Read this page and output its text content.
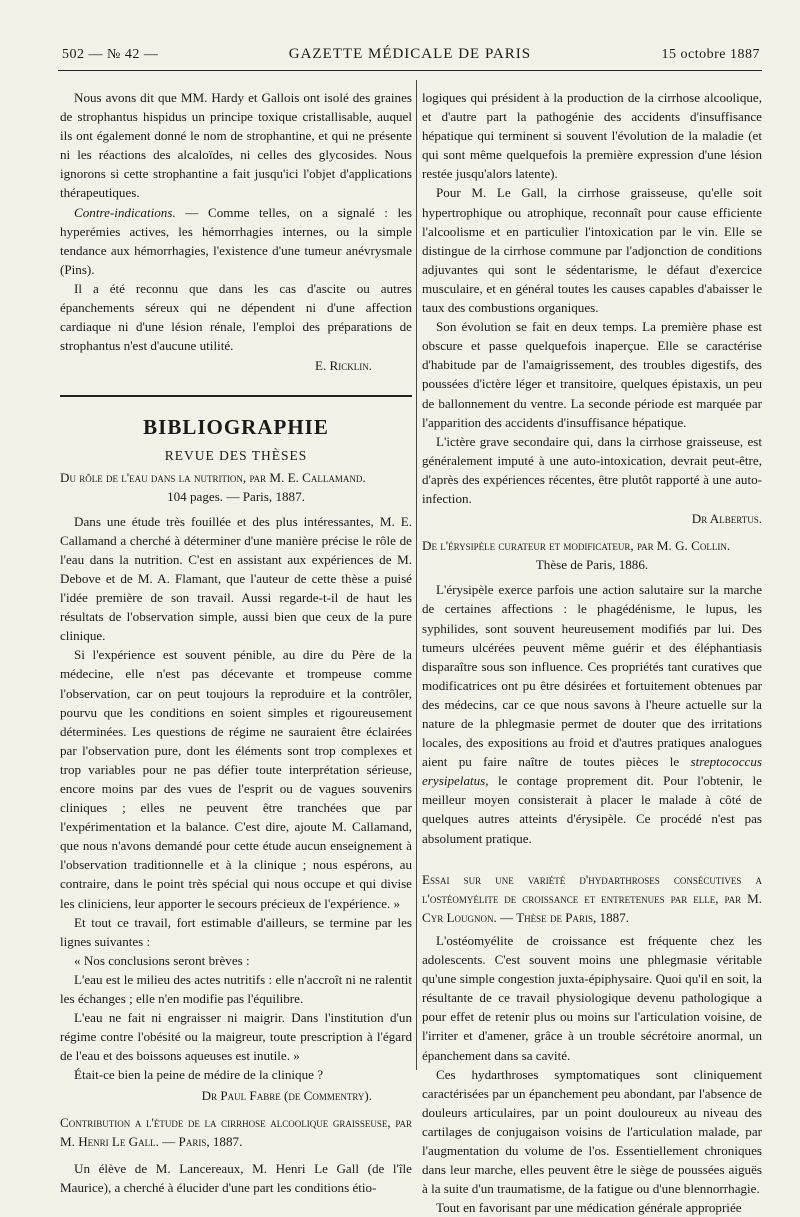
502 — № 42 —	GAZETTE MÉDICALE DE PARIS	15 octobre 1887

Nous avons dit que MM. Hardy et Gallois ont isolé des graines de strophantus hispidus un principe toxique cristallisable, auquel ils ont également donné le nom de strophantine, et qui ne présente ni les réactions des alcaloïdes, ni celles des glycosides. Nous ignorons si cette strophantine a fait jusqu'ici l'objet d'applications thérapeutiques.

Contre-indications. — Comme telles, on a signalé : les hyperémies actives, les hémorrhagies internes, ou la simple tendance aux hémorrhagies, l'existence d'une tumeur anévrysmale (Pins).

Il a été reconnu que dans les cas d'ascite ou autres épanchements séreux qui ne dépendent ni d'une affection cardiaque ni d'une lésion rénale, l'emploi des préparations de strophantus n'est d'aucune utilité.

E. Ricklin.
BIBLIOGRAPHIE
REVUE DES THÈSES

Du rôle de l'eau dans la nutrition, par M. E. Callamand.

104 pages. — Paris, 1887.

Dans une étude très fouillée et des plus intéressantes, M. E. Callamand a cherché à déterminer d'une manière précise le rôle de l'eau dans la nutrition. C'est en assistant aux expériences de M. Debove et de M. A. Flamant, que l'auteur de cette thèse a puisé l'idée première de son travail. Aussi regarde-t-il de haut les résultats de l'observation simple, aussi bien que ceux de la pure clinique.

Si l'expérience est souvent pénible, au dire du Père de la médecine, elle n'est pas décevante et trompeuse comme l'observation, car on peut toujours la reproduire et la contrôler, pourvu que les conditions en soient simples et rigoureusement déterminées. Les questions de régime ne sauraient être éclairées par l'observation pure, dont les éléments sont trop complexes et trop variables pour ne pas défier toute interprétation sérieuse, encore moins par des vues de l'esprit ou de vagues souvenirs cliniques ; elles ne peuvent être tranchées que par l'expérimentation et la balance. C'est dire, ajoute M. Callamand, que nous n'avons demandé pour cette étude aucun enseignement à l'observation traditionnelle et à la clinique ; nous espérons, au contraire, dans le point très spécial qui nous occupe et qui divise les cliniciens, leur apporter le secours précieux de l'expérience. »

Et tout ce travail, fort estimable d'ailleurs, se termine par les lignes suivantes :

« Nos conclusions seront brèves :

L'eau est le milieu des actes nutritifs : elle n'accroît ni ne ralentit les échanges ; elle n'en modifie pas l'équilibre.

L'eau ne fait ni engraisser ni maigrir. Dans l'institution d'un régime contre l'obésité ou la maigreur, toute prescription à l'égard de l'eau et des boissons aqueuses est inutile. »

Était-ce bien la peine de médire de la clinique ?

Dr Paul Fabre (de Commentry).

Contribution a l'étude de la cirrhose alcoolique graisseuse, par M. Henri Le Gall. — Paris, 1887.

Un élève de M. Lancereaux, M. Henri Le Gall (de l'île Maurice), a cherché à élucider d'une part les conditions étio-

logiques qui président à la production de la cirrhose alcoolique, et d'autre part la pathogénie des accidents d'insuffisance hépatique qui terminent si souvent l'évolution de la maladie (et qui sont même quelquefois la première expression d'une lésion restée jusqu'alors latente).

Pour M. Le Gall, la cirrhose graisseuse, qu'elle soit hypertrophique ou atrophique, reconnaît pour cause efficiente l'alcoolisme et en particulier l'intoxication par le vin. Elle se distingue de la cirrhose commune par l'adjonction de conditions adjuvantes qui sont le sédentarisme, le défaut d'exercice musculaire, et en général toutes les causes capables d'abaisser le taux des combustions organiques.

Son évolution se fait en deux temps. La première phase est obscure et passe quelquefois inaperçue. Elle se caractérise d'habitude par de l'amaigrissement, des troubles digestifs, des poussées d'ictère léger et transitoire, quelques épistaxis, un peu de ballonnement du ventre. La seconde période est marquée par l'apparition des accidents d'insuffisance hépatique.

L'ictère grave secondaire qui, dans la cirrhose graisseuse, est généralement imputé à une auto-intoxication, devrait peut-être, d'après des expériences récentes, être plutôt rapporté à une auto-infection.

Dr Albertus.

De l'érysipèle curateur et modificateur, par M. G. Collin.

Thèse de Paris, 1886.

L'érysipèle exerce parfois une action salutaire sur la marche de certaines affections : le phagédénisme, le lupus, les syphilides, sont souvent heureusement modifiés par lui. Des tumeurs ulcérées peuvent même guérir et des éléphantiasis disparaître sous son influence. Ces propriétés tant curatives que modificatrices ont pu être désirées et fortuitement obtenues par des médecins, car ce que nous savons à l'heure actuelle sur la nature de la phlegmasie permet de douter que des irritations locales, des expositions au froid et d'autres pratiques analogues aient pu faire naître de toutes pièces le streptococcus erysipelatus, le contage proprement dit. Pour l'obtenir, le meilleur moyen consisterait à placer le malade à côté de quelques autres atteints d'érysipèle. Ce procédé n'est pas absolument pratique.

Essai sur une variété d'hydarthroses consécutives a l'ostéomyélite de croissance et entretenues par elle, par M. Cyr Lougnon. — Thèse de Paris, 1887.

L'ostéomyélite de croissance est fréquente chez les adolescents. C'est souvent moins une phlegmasie véritable qu'une simple congestion juxta-épiphysaire. Quoi qu'il en soit, la résultante de ce travail physiologique devenu pathologique a pour effet de retenir plus ou moins sur l'articulation voisine, de l'irriter et d'amener, grâce à un trouble sécrétoire anormal, un épanchement dans sa cavité.

Ces hydarthroses symptomatiques sont cliniquement caractérisées par un épanchement peu abondant, par l'absence de douleurs articulaires, par un point douloureux au niveau des cartilages de conjugaison voisins de l'articulation malade, par l'augmentation du volume de l'os. Essentiellement chroniques dans leur marche, elles peuvent être le siège de poussées aiguës à la suite d'un traumatisme, de la fatigue ou d'une blennorrhagie.

Tout en favorisant par une médication générale appropriée
